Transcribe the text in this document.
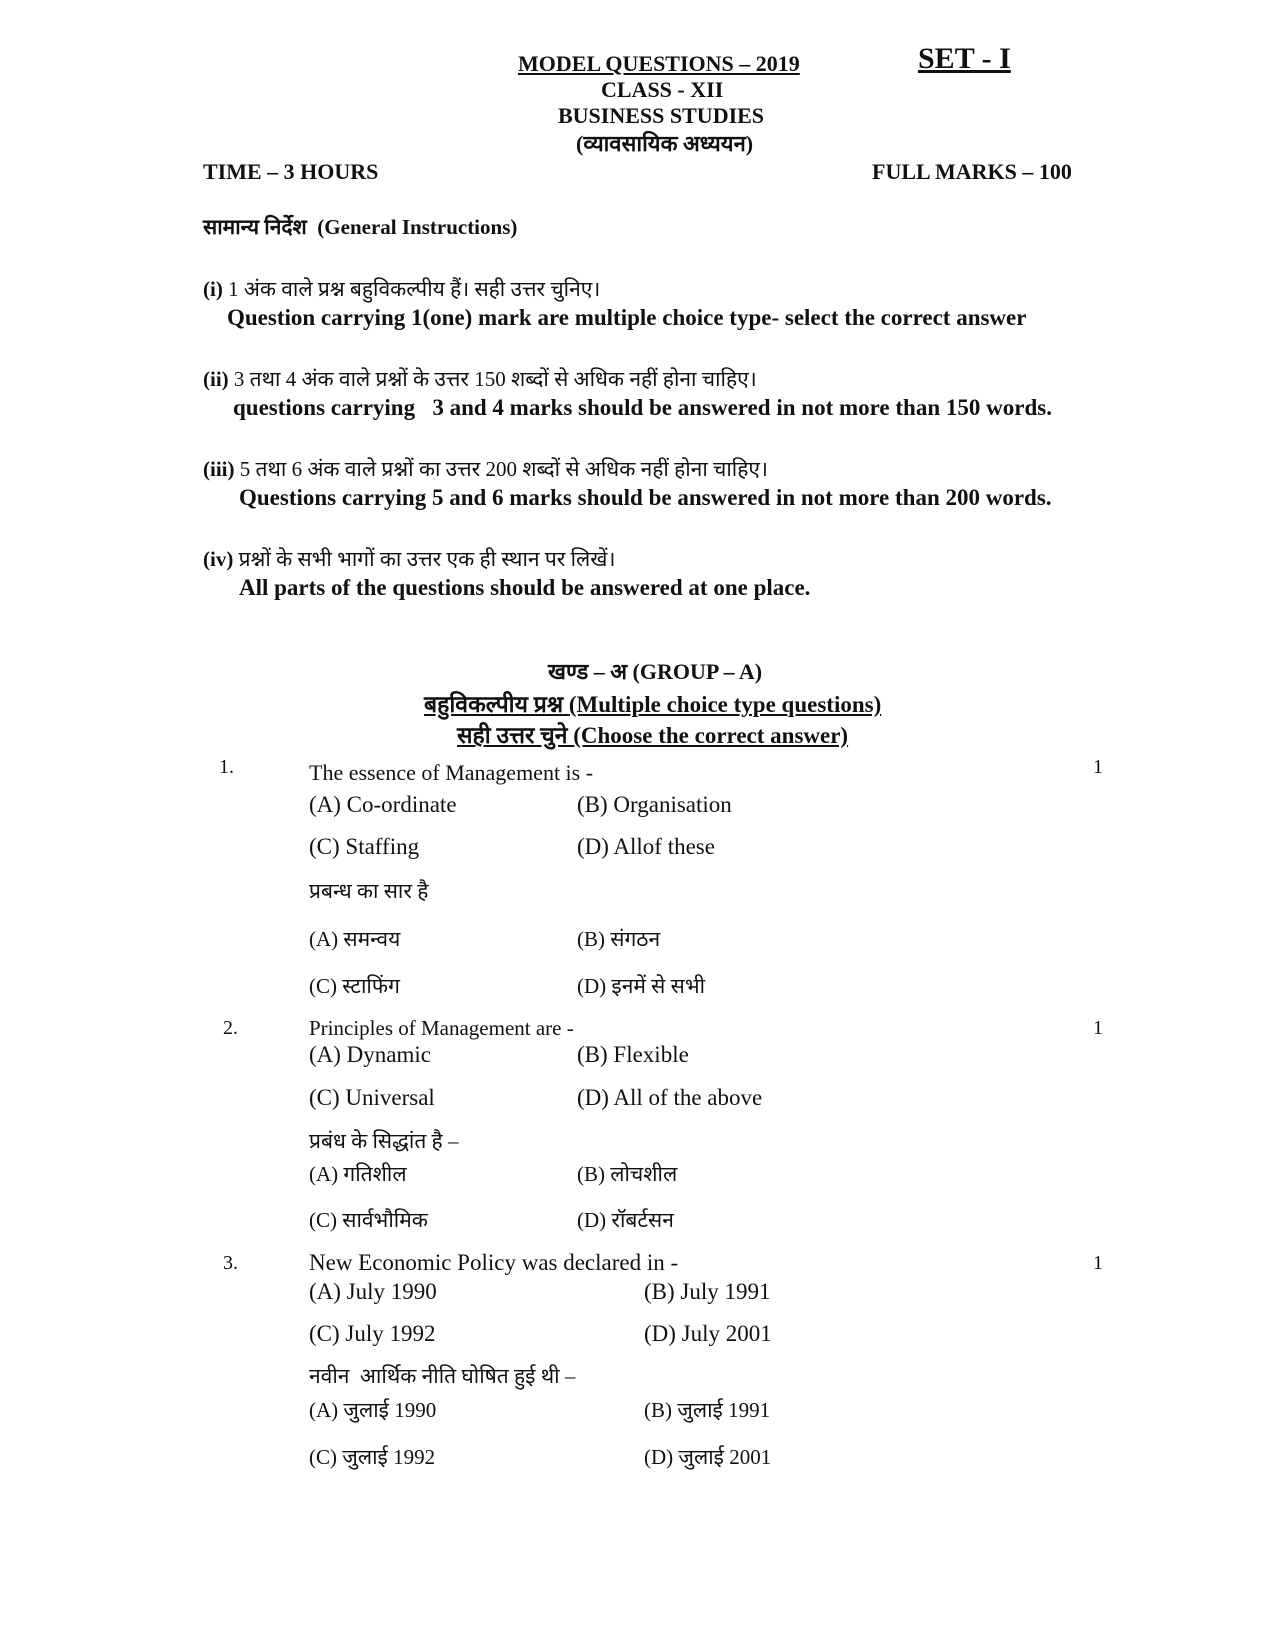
MODEL QUESTIONS – 2019	SET - I
CLASS - XII
BUSINESS STUDIES
(व्यावसायिक अध्ययन)
TIME – 3 HOURS	FULL MARKS – 100
सामान्य निर्देश (General Instructions)
(i) 1 अंक वाले प्रश्न बहुविकल्पीय हैं। सही उत्तर चुनिए।
Question carrying 1(one) mark are multiple choice type- select the correct answer
(ii) 3 तथा 4 अंक वाले प्रश्नों के उत्तर 150 शब्दों से अधिक नहीं होना चाहिए।
questions carrying   3 and 4 marks should be answered in not more than 150 words.
(iii) 5 तथा 6 अंक वाले प्रश्नों का उत्तर 200 शब्दों से अधिक नहीं होना चाहिए।
Questions carrying 5 and 6 marks should be answered in not more than 200 words.
(iv) प्रश्नों के सभी भागों का उत्तर एक ही स्थान पर लिखें।
All parts of the questions should be answered at one place.
खण्ड – अ (GROUP – A)
बहुविकल्पीय प्रश्न (Multiple choice type questions)
सही उत्तर चुने (Choose the correct answer)
1.	The essence of Management is -	1
(A) Co-ordinate	(B) Organisation
(C) Staffing	(D) Allof these
प्रबन्ध का सार है
(A) समन्वय	(B) संगठन
(C) स्टाफिंग	(D) इनमें से सभी
2.	Principles of Management are -	1
(A) Dynamic	(B) Flexible
(C) Universal	(D) All of the above
प्रबंध के सिद्धांत है –
(A) गतिशील	(B) लोचशील
(C) सार्वभौमिक	(D) रॉबर्टसन
3.	New Economic Policy was declared in -	1
(A) July 1990	(B) July 1991
(C) July 1992	(D) July 2001
नवीन  आर्थिक नीति घोषित हुई थी –
(A) जुलाई 1990	(B) जुलाई 1991
(C) जुलाई 1992	(D) जुलाई 2001
